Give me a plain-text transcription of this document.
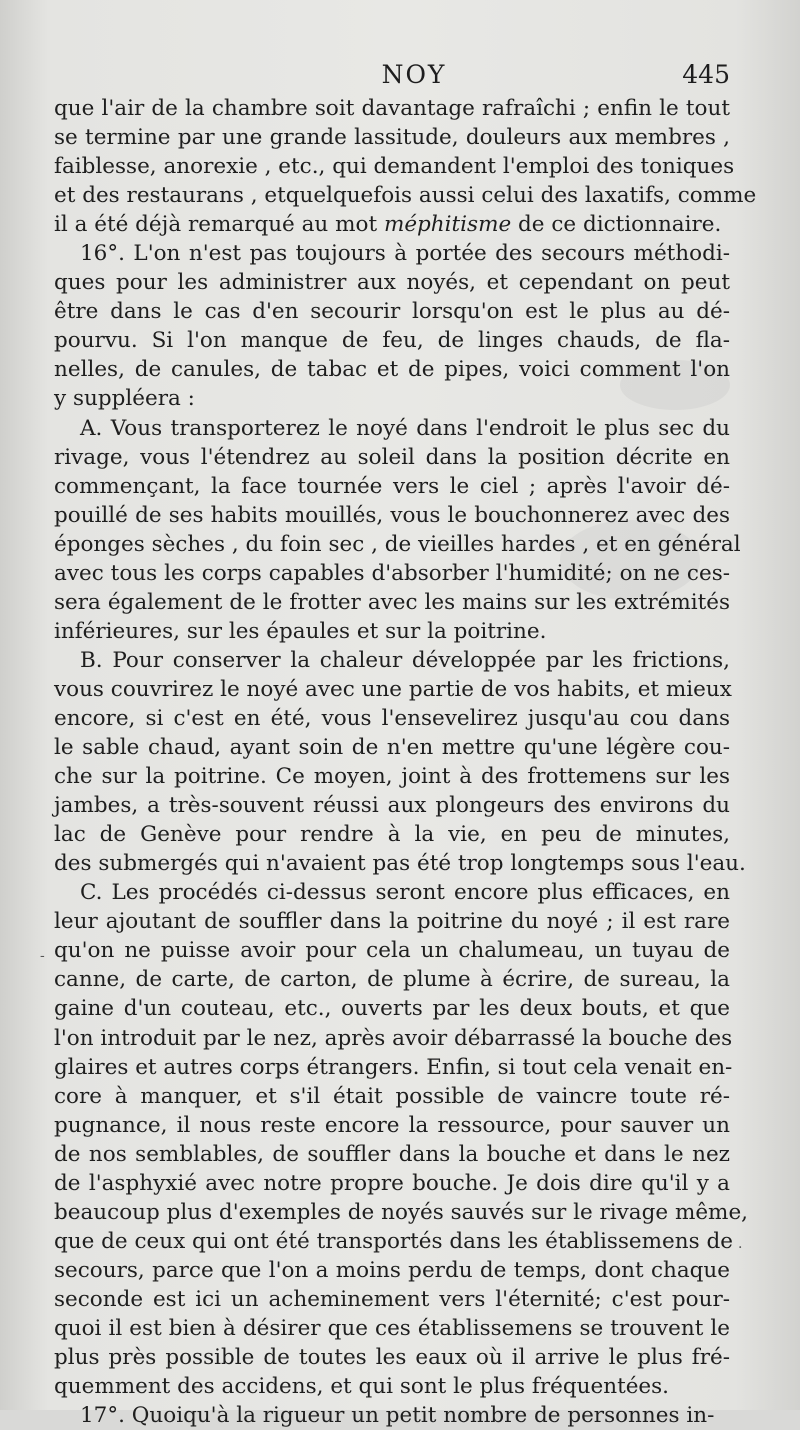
NOY	445
que l'air de la chambre soit davantage rafraîchi ; enfin le tout
se termine par une grande lassitude, douleurs aux membres ,
faiblesse, anorexie , etc., qui demandent l'emploi des toniques
et des restaurans , etquelquefois aussi celui des laxatifs, comme
il a été déjà remarqué au mot méphitisme de ce dictionnaire.
16°. L'on n'est pas toujours à portée des secours méthodi-
ques pour les administrer aux noyés, et cependant on peut
être dans le cas d'en secourir lorsqu'on est le plus au dé-
pourvu. Si l'on manque de feu, de linges chauds, de fla-
nelles, de canules, de tabac et de pipes, voici comment l'on
y suppléera :
A. Vous transporterez le noyé dans l'endroit le plus sec du
rivage, vous l'étendrez au soleil dans la position décrite en
commençant, la face tournée vers le ciel ; après l'avoir dé-
pouillé de ses habits mouillés, vous le bouchonnerez avec des
éponges sèches , du foin sec , de vieilles hardes , et en général
avec tous les corps capables d'absorber l'humidité; on ne ces-
sera également de le frotter avec les mains sur les extrémités
inférieures, sur les épaules et sur la poitrine.
B. Pour conserver la chaleur développée par les frictions,
vous couvrirez le noyé avec une partie de vos habits, et mieux
encore, si c'est en été, vous l'ensevelirez jusqu'au cou dans
le sable chaud, ayant soin de n'en mettre qu'une légère cou-
che sur la poitrine. Ce moyen, joint à des frottemens sur les
jambes, a très-souvent réussi aux plongeurs des environs du
lac de Genève pour rendre à la vie, en peu de minutes,
des submergés qui n'avaient pas été trop longtemps sous l'eau.
C. Les procédés ci-dessus seront encore plus efficaces, en
leur ajoutant de souffler dans la poitrine du noyé ; il est rare
qu'on ne puisse avoir pour cela un chalumeau, un tuyau de
canne, de carte, de carton, de plume à écrire, de sureau, la
gaine d'un couteau, etc., ouverts par les deux bouts, et que
l'on introduit par le nez, après avoir débarrassé la bouche des
glaires et autres corps étrangers. Enfin, si tout cela venait en-
core à manquer, et s'il était possible de vaincre toute ré-
pugnance, il nous reste encore la ressource, pour sauver un
de nos semblables, de souffler dans la bouche et dans le nez
de l'asphyxié avec notre propre bouche. Je dois dire qu'il y a
beaucoup plus d'exemples de noyés sauvés sur le rivage même,
que de ceux qui ont été transportés dans les établissemens de
secours, parce que l'on a moins perdu de temps, dont chaque
seconde est ici un acheminement vers l'éternité; c'est pour-
quoi il est bien à désirer que ces établissemens se trouvent le
plus près possible de toutes les eaux où il arrive le plus fré-
quemment des accidens, et qui sont le plus fréquentées.
17°. Quoiqu'à la rigueur un petit nombre de personnes in-
-
·
